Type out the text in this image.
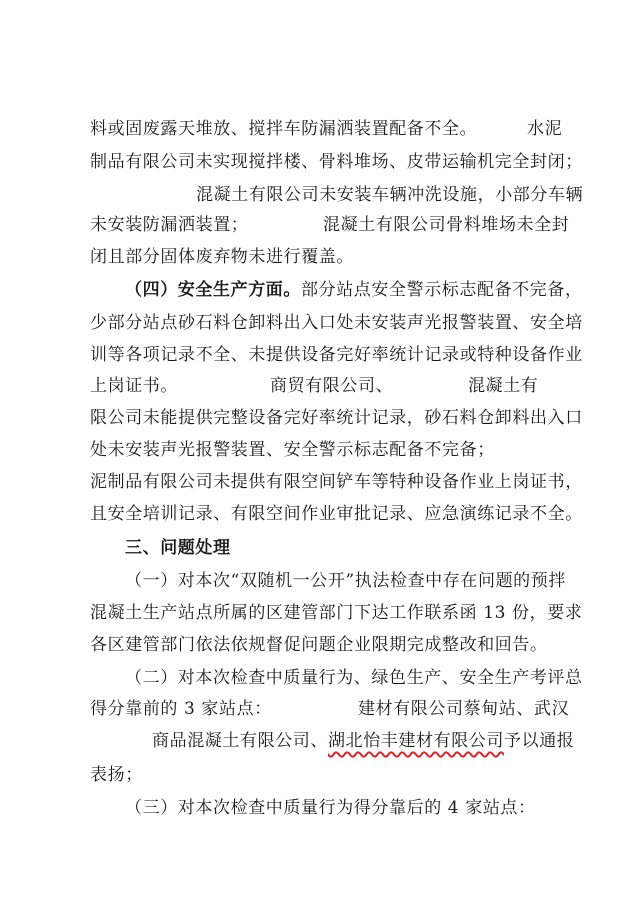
料或固废露天堆放、搅拌车防漏洒装置配备不全。	水泥
制品有限公司未实现搅拌楼、骨料堆场、皮带运输机完全封闭；
混凝土有限公司未安装车辆冲洗设施，小部分车辆
未安装防漏洒装置；	混凝土有限公司骨料堆场未全封
闭且部分固体废弃物未进行覆盖。
（四）安全生产方面。部分站点安全警示标志配备不完备，
少部分站点砂石料仓卸料出入口处未安装声光报警装置、安全培
训等各项记录不全、未提供设备完好率统计记录或特种设备作业
上岗证书。	商贸有限公司、	混凝土有
限公司未能提供完整设备完好率统计记录，砂石料仓卸料出入口
处未安装声光报警装置、安全警示标志配备不完备；
泥制品有限公司未提供有限空间铲车等特种设备作业上岗证书，
且安全培训记录、有限空间作业审批记录、应急演练记录不全。
三、问题处理
（一）对本次“双随机一公开”执法检查中存在问题的预拌
混凝土生产站点所属的区建管部门下达工作联系函 13 份，要求
各区建管部门依法依规督促问题企业限期完成整改和回告。
（二）对本次检查中质量行为、绿色生产、安全生产考评总
得分靠前的 3 家站点：	建材有限公司蔡甸站、武汉
商品混凝土有限公司、湖北怡丰建材有限公司予以通报
表扬；
（三）对本次检查中质量行为得分靠后的 4 家站点：
